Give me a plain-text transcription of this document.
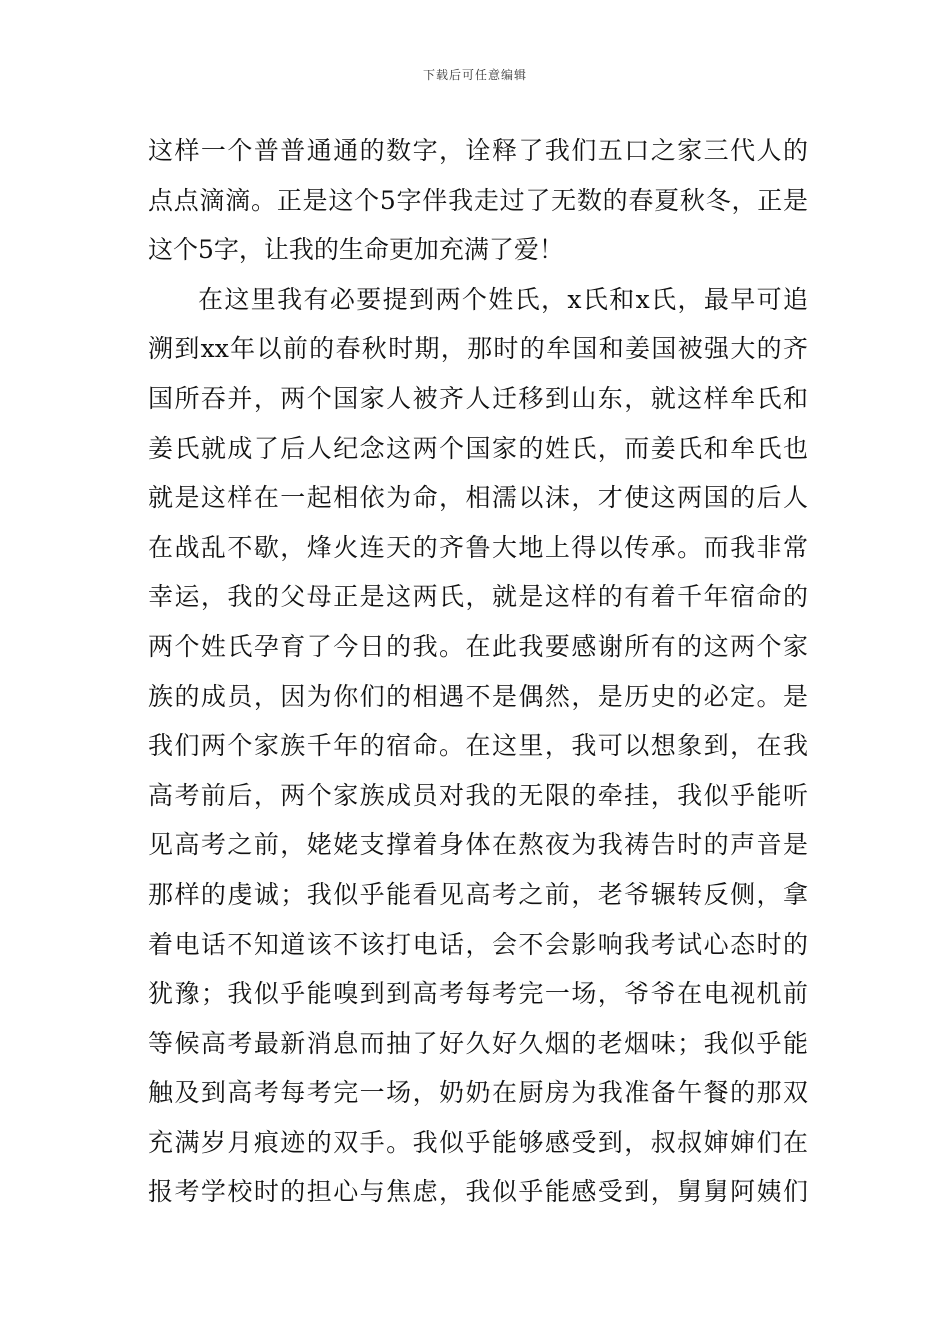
下载后可任意编辑
这样一个普普通通的数字，诠释了我们五口之家三代人的
点点滴滴。正是这个5字伴我走过了无数的春夏秋冬，正是
这个5字，让我的生命更加充满了爱！
在这里我有必要提到两个姓氏，x氏和x氏，最早可追
溯到xx年以前的春秋时期，那时的牟国和姜国被强大的齐
国所吞并，两个国家人被齐人迁移到山东，就这样牟氏和
姜氏就成了后人纪念这两个国家的姓氏，而姜氏和牟氏也
就是这样在一起相依为命，相濡以沫，才使这两国的后人
在战乱不歇，烽火连天的齐鲁大地上得以传承。而我非常
幸运，我的父母正是这两氏，就是这样的有着千年宿命的
两个姓氏孕育了今日的我。在此我要感谢所有的这两个家
族的成员，因为你们的相遇不是偶然，是历史的必定。是
我们两个家族千年的宿命。在这里，我可以想象到，在我
高考前后，两个家族成员对我的无限的牵挂，我似乎能听
见高考之前，姥姥支撑着身体在熬夜为我祷告时的声音是
那样的虔诚；我似乎能看见高考之前，老爷辗转反侧，拿
着电话不知道该不该打电话，会不会影响我考试心态时的
犹豫；我似乎能嗅到到高考每考完一场，爷爷在电视机前
等候高考最新消息而抽了好久好久烟的老烟味；我似乎能
触及到高考每考完一场，奶奶在厨房为我准备午餐的那双
充满岁月痕迹的双手。我似乎能够感受到，叔叔婶婶们在
报考学校时的担心与焦虑，我似乎能感受到，舅舅阿姨们
